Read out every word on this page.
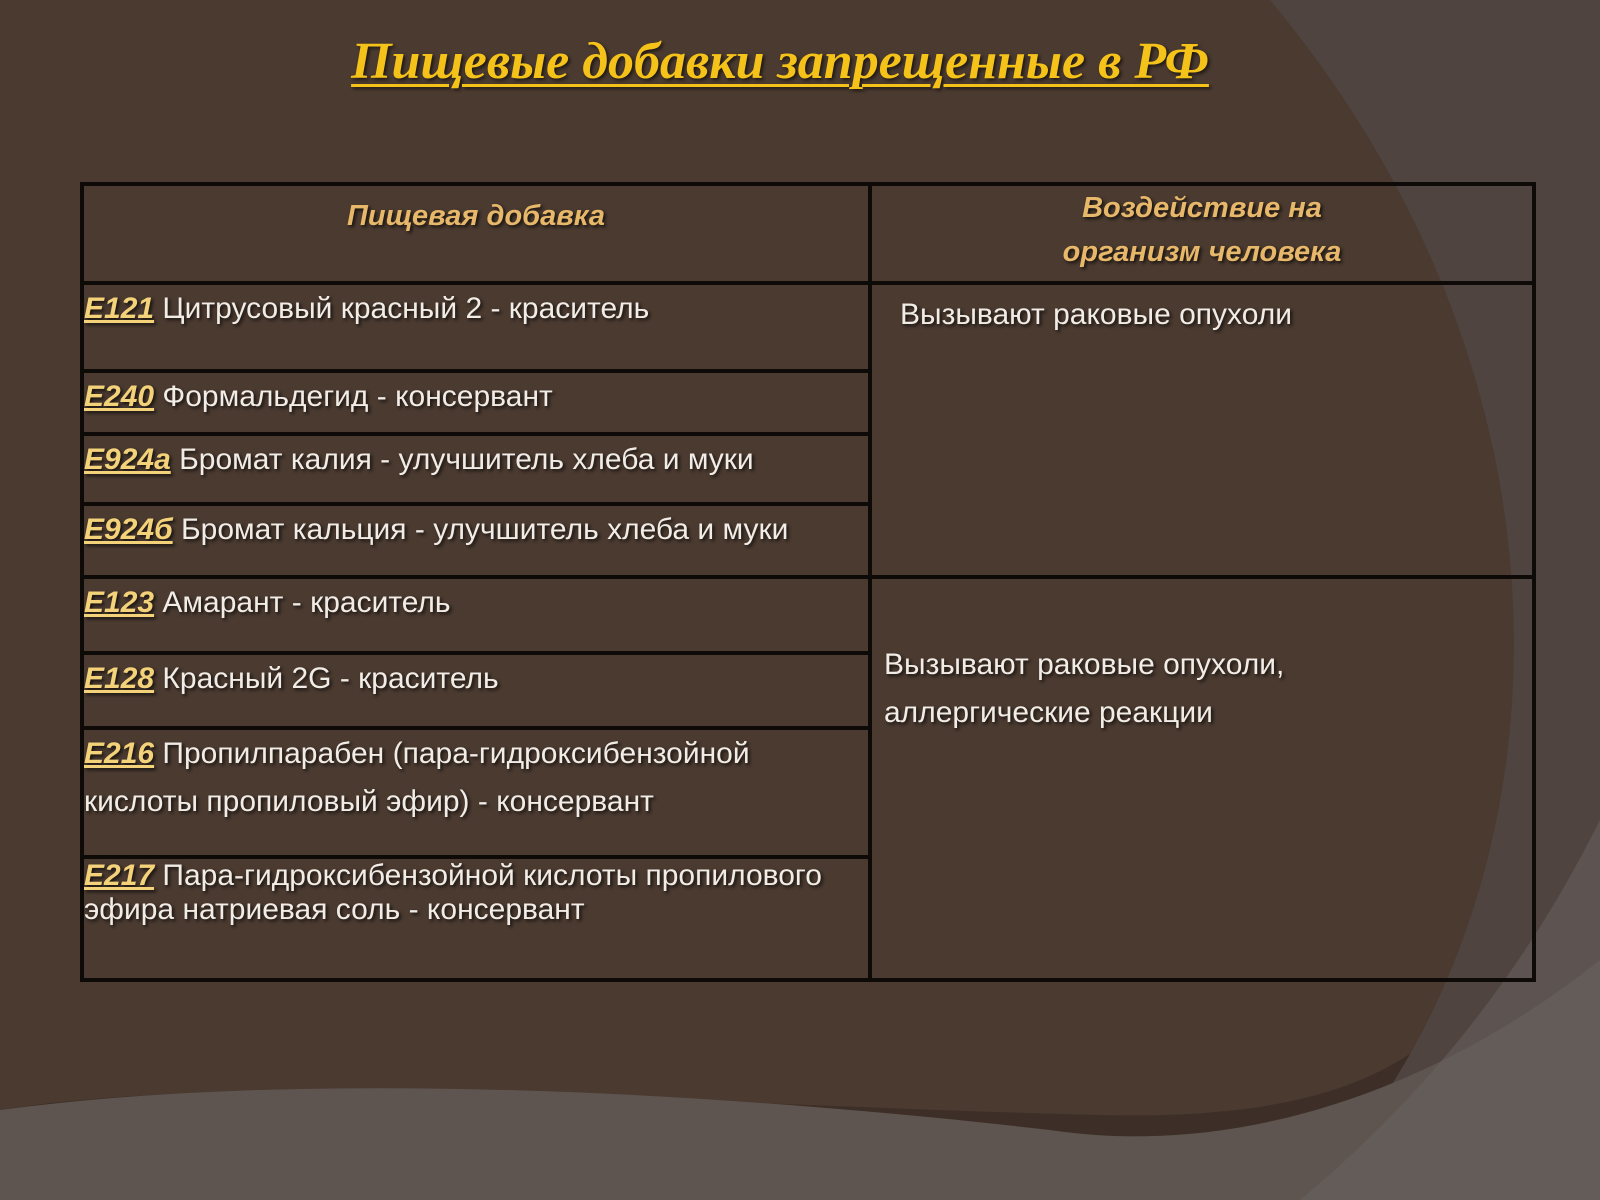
Пищевые добавки запрещенные в РФ
Пищевая добавка	Воздействие на
организм человека

E121 Цитрусовый красный 2 - краситель	Вызывают раковые опухоли
E240 Формальдегид - консервант	
E924a Бромат калия - улучшитель хлеба и муки	
E924б Бромат кальция - улучшитель хлеба и муки	
E123 Амарант - краситель	Вызывают раковые опухоли,
аллергические реакции

E128 Красный 2G - краситель	
E216 Пропилпарабен (пара-гидроксибензойной кислоты пропиловый эфир) - консервант	
E217 Пара-гидроксибензойной кислоты пропилового эфира натриевая соль - консервант	
